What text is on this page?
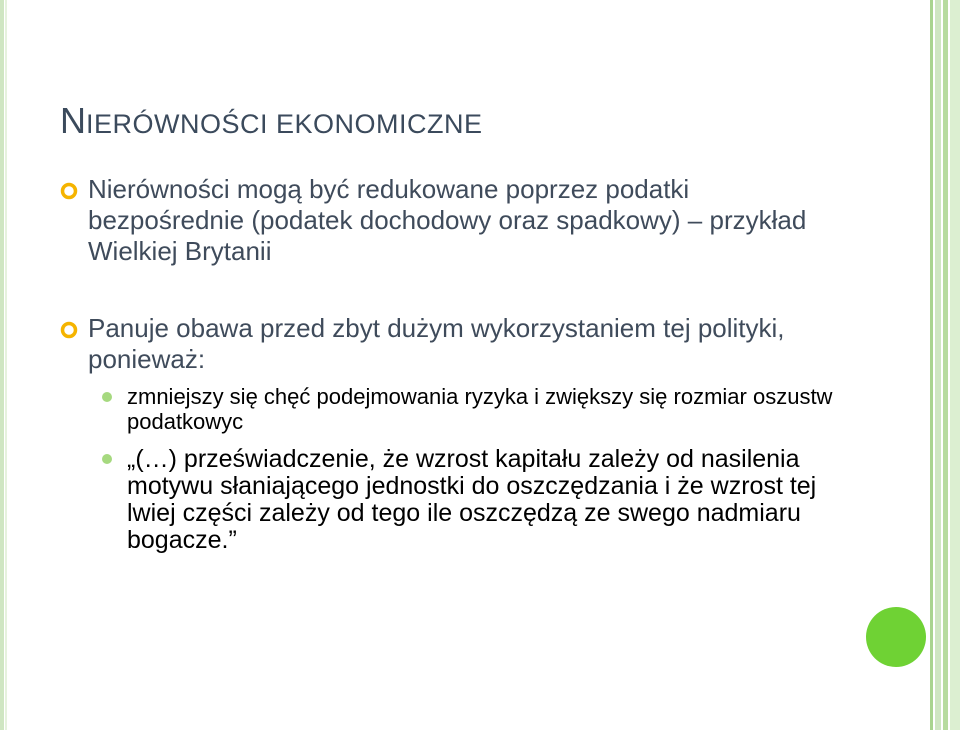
NIERÓWNOŚCI EKONOMICZNE
Nierówności mogą być redukowane poprzez podatki bezpośrednie (podatek dochodowy oraz spadkowy) – przykład Wielkiej Brytanii
Panuje obawa przed zbyt dużym wykorzystaniem tej polityki, ponieważ:
zmniejszy się chęć podejmowania ryzyka i zwiększy się rozmiar oszustw podatkowyc
„(…) przeświadczenie, że wzrost kapitału zależy od nasilenia motywu słaniającego jednostki do oszczędzania i że wzrost tej lwiej części zależy od tego ile oszczędzą ze swego nadmiaru bogacze.”
